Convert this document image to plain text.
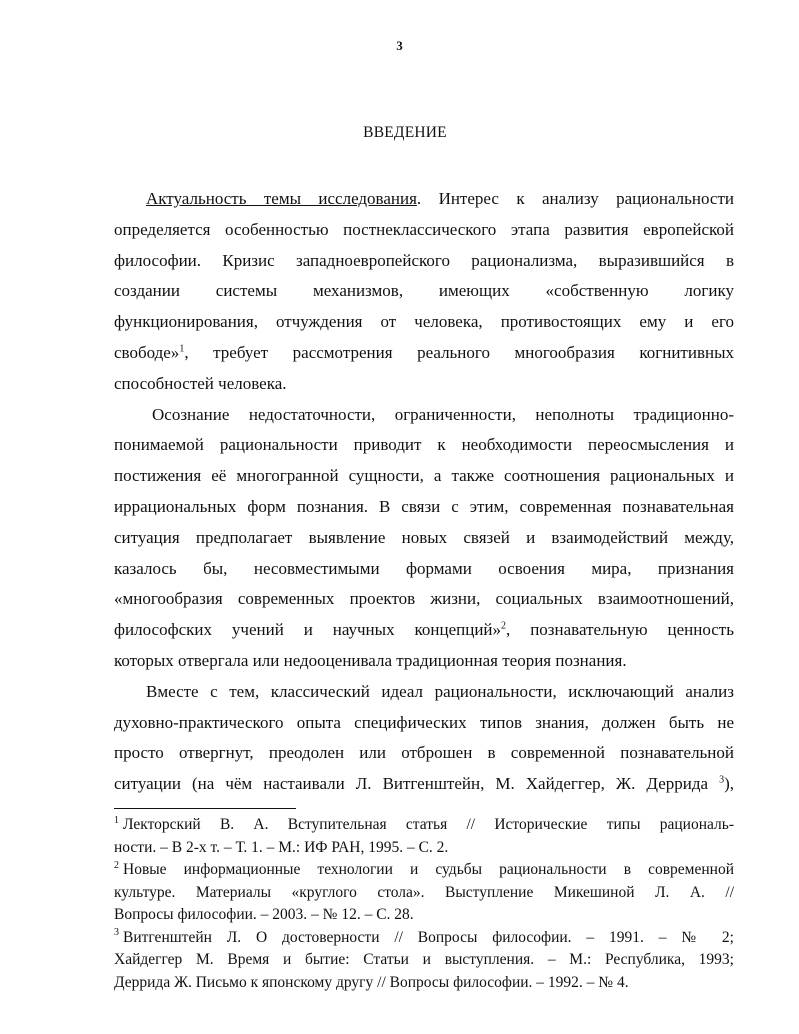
3
ВВЕДЕНИЕ

Актуальность темы исследования. Интерес к анализу рациональности
определяется особенностью постнеклассического этапа развития европейской
философии. Кризис западноевропейского рационализма, выразившийся в
создании системы механизмов, имеющих «собственную логику
функционирования, отчуждения от человека, противостоящих ему и его
свободе»$^1$, требует рассмотрения реального многообразия когнитивных
способностей человека.

Осознание недостаточности, ограниченности, неполноты традиционно-
понимаемой рациональности приводит к необходимости переосмысления и
постижения её многогранной сущности, а также соотношения рациональных и
иррациональных форм познания. В связи с этим, современная познавательная
ситуация предполагает выявление новых связей и взаимодействий между,
казалось бы, несовместимыми формами освоения мира, признания
«многообразия современных проектов жизни, социальных взаимоотношений,
философских учений и научных концепций»$^2$, познавательную ценность
которых отвергала или недооценивала традиционная теория познания.

Вместе с тем, классический идеал рациональности, исключающий анализ
духовно-практического опыта специфических типов знания, должен быть не
просто отвергнут, преодолен или отброшен в современной познавательной
ситуации (на чём настаивали Л. Витгенштейн, М. Хайдеггер, Ж. Деррида $^3$),

$^1$ Лекторский В. А. Вступительная статья // Исторические типы рациональ-
ности. – В 2-х т. – Т. 1. – М.: ИФ РАН, 1995. – С. 2.

$^2$ Новые информационные технологии и судьбы рациональности в современной
культуре. Материалы «круглого стола». Выступление Микешиной Л. А. //
Вопросы философии. – 2003. – № 12. – С. 28.

$^3$ Витгенштейн Л. О достоверности // Вопросы философии. – 1991. – № 2;
Хайдеггер М. Время и бытие: Статьи и выступления. – М.: Республика, 1993;
Деррида Ж. Письмо к японскому другу // Вопросы философии. – 1992. – № 4.
